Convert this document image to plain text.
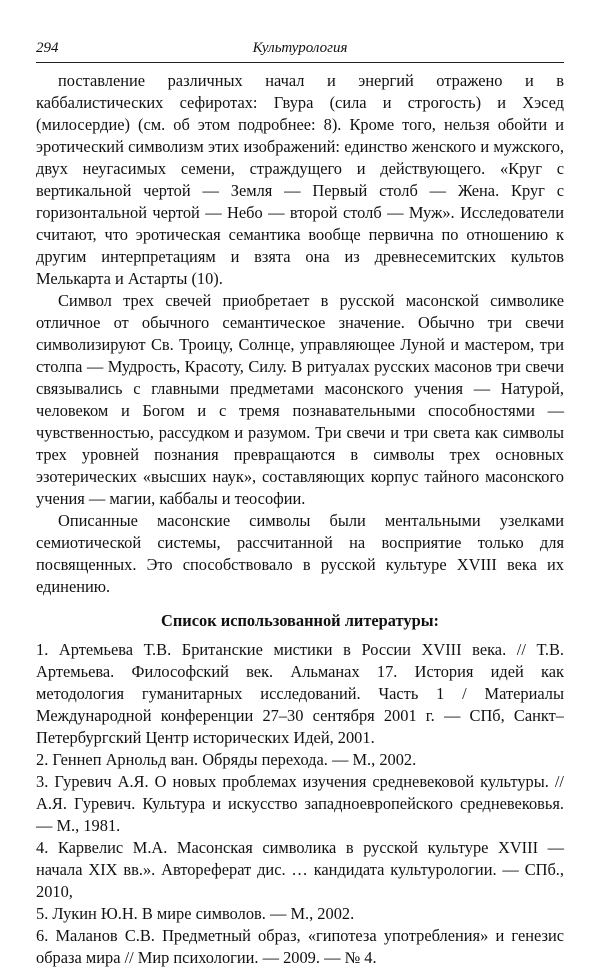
294	Культурология

поставление различных начал и энергий отражено и в каббалистических сефиротах: Гвура (сила и строгость) и Хэсед (милосердие) (см. об этом подробнее: 8). Кроме того, нельзя обойти и эротический символизм этих изображений: единство женского и мужского, двух неугасимых семени, страждущего и действующего. «Круг с вертикальной чертой — Земля — Первый столб — Жена. Круг с горизонтальной чертой — Небо — второй столб — Муж». Исследователи считают, что эротическая семантика вообще первична по отношению к другим интерпретациям и взята она из древнесемитских культов Мелькарта и Астарты (10).

Символ трех свечей приобретает в русской масонской символике отличное от обычного семантическое значение. Обычно три свечи символизируют Св. Троицу, Солнце, управляющее Луной и мастером, три столпа — Мудрость, Красоту, Силу. В ритуалах русских масонов три свечи связывались с главными предметами масонского учения — Натурой, человеком и Богом и с тремя познавательными способностями — чувственностью, рассудком и разумом. Три свечи и три света как символы трех уровней познания превращаются в символы трех основных эзотерических «высших наук», составляющих корпус тайного масонского учения — магии, каббалы и теософии.

Описанные масонские символы были ментальными узелками семиотической системы, рассчитанной на восприятие только для посвященных. Это способствовало в русской культуре XVIII века их единению.

Список использованной литературы:
1. Артемьева Т.В. Британские мистики в России XVIII века. // Т.В. Артемьева. Философский век. Альманах 17. История идей как методология гуманитарных исследований. Часть 1 / Материалы Международной конференции 27–30 сентября 2001 г. — СПб, Санкт–Петербургский Центр исторических Идей, 2001.
2. Геннеп Арнольд ван. Обряды перехода. — М., 2002.
3. Гуревич А.Я. О новых проблемах изучения средневековой культуры. // А.Я. Гуревич. Культура и искусство западноевропейского средневековья. — М., 1981.
4. Карвелис М.А. Масонская символика в русской культуре XVIII — начала XIX вв.». Автореферат дис. … кандидата культурологии. — СПб., 2010,
5. Лукин Ю.Н. В мире символов. — М., 2002.
6. Маланов С.В. Предметный образ, «гипотеза употребления» и генезис образа мира // Мир психологии. — 2009. — № 4.
